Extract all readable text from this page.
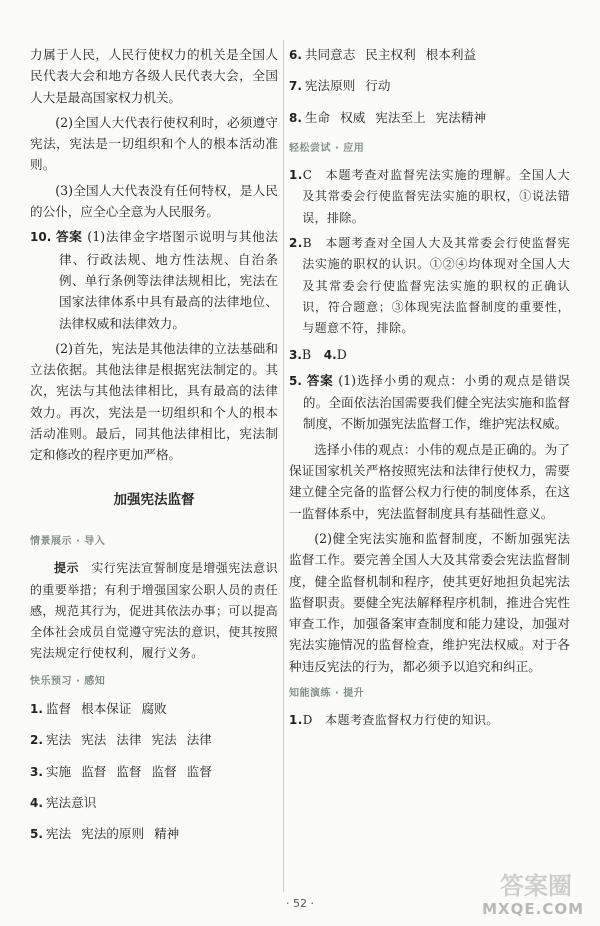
力属于人民，人民行使权力的机关是全国人民代表大会和地方各级人民代表大会，全国人大是最高国家权力机关。

(2)全国人大代表行使权利时，必须遵守宪法，宪法是一切组织和个人的根本活动准则。

(3)全国人大代表没有任何特权，是人民的公仆，应全心全意为人民服务。

10. 答案 (1)法律金字塔图示说明与其他法律、行政法规、地方性法规、自治条例、单行条例等法律法规相比，宪法在国家法律体系中具有最高的法律地位、法律权威和法律效力。

(2)首先，宪法是其他法律的立法基础和立法依据。其他法律是根据宪法制定的。其次，宪法与其他法律相比，具有最高的法律效力。再次，宪法是一切组织和个人的根本活动准则。最后，同其他法律相比，宪法制定和修改的程序更加严格。

加强宪法监督
情景展示 · 导入

提示　 实行宪法宣誓制度是增强宪法意识的重要举措；有利于增强国家公职人员的责任感，规范其行为，促进其依法办事；可以提高全体社会成员自觉遵守宪法的意识，使其按照宪法规定行使权利，履行义务。

快乐预习 · 感知

1. 监督 根本保证 腐败

2. 宪法 宪法 法律 宪法 法律

3. 实施 监督 监督 监督 监督

4. 宪法意识

5. 宪法 宪法的原则 精神

6. 共同意志 民主权利 根本利益

7. 宪法原则 行动

8. 生命 权威 宪法至上 宪法精神

轻松尝试 · 应用

1.C　本题考查对监督宪法实施的理解。全国人大及其常委会行使监督宪法实施的职权，①说法错误，排除。

2.B　本题考查对全国人大及其常委会行使监督宪法实施的职权的认识。①②④均体现对全国人大及其常委会行使监督宪法实施的职权的正确认识，符合题意；③体现宪法监督制度的重要性，与题意不符，排除。

3.B　4.D

5. 答案 (1)选择小勇的观点：小勇的观点是错误的。全面依法治国需要我们健全宪法实施和监督制度，不断加强宪法监督工作，维护宪法权威。

选择小伟的观点：小伟的观点是正确的。为了保证国家机关严格按照宪法和法律行使权力，需要建立健全完备的监督公权力行使的制度体系，在这一监督体系中，宪法监督制度具有基础性意义。

(2)健全宪法实施和监督制度，不断加强宪法监督工作。要完善全国人大及其常委会宪法监督制度，健全监督机制和程序，使其更好地担负起宪法监督职责。要健全宪法解释程序机制，推进合宪性审查工作，加强备案审查制度和能力建设，加强对宪法实施情况的监督检查，维护宪法权威。对于各种违反宪法的行为，都必须予以追究和纠正。

知能演练 · 提升

1.D　本题考查监督权力行使的知识。

· 52 ·
答案圈
MXQE.COM
